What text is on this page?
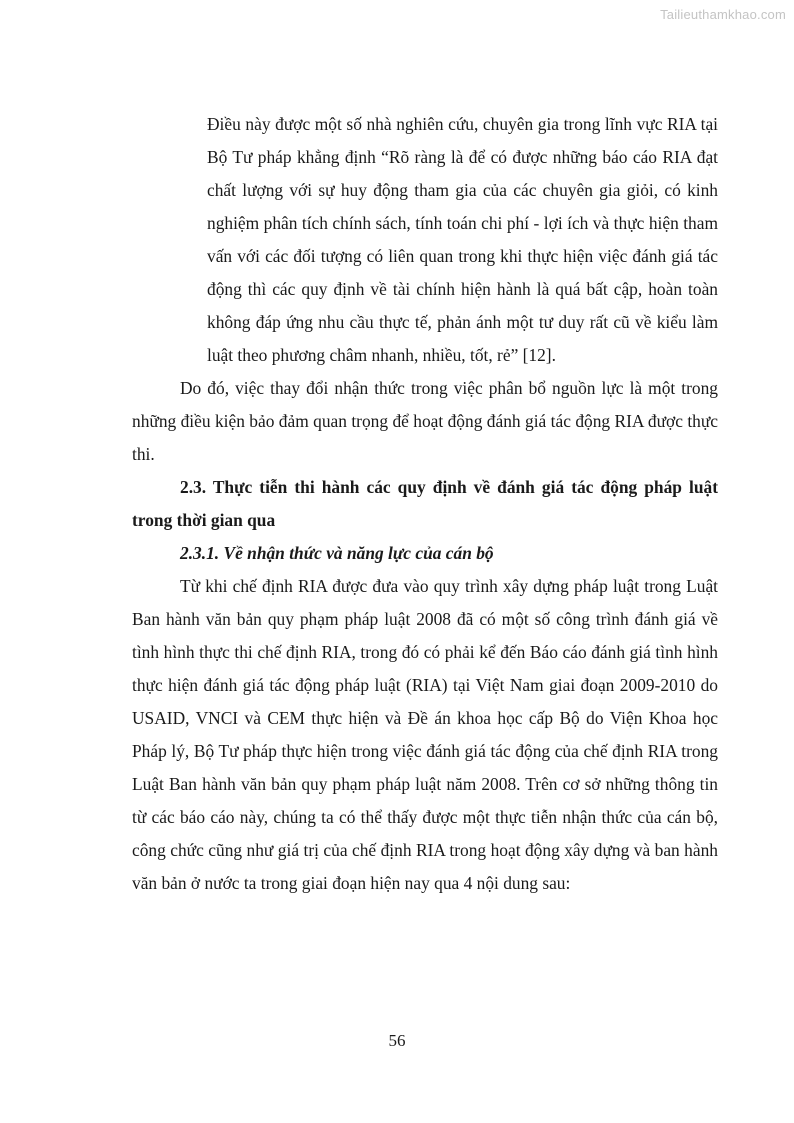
Tailieuthamkhao.com

Điều này được một số nhà nghiên cứu, chuyên gia trong lĩnh vực RIA tại Bộ Tư pháp khẳng định “Rõ ràng là để có được những báo cáo RIA đạt chất lượng với sự huy động tham gia của các chuyên gia giỏi, có kinh nghiệm phân tích chính sách, tính toán chi phí - lợi ích và thực hiện tham vấn với các đối tượng có liên quan trong khi thực hiện việc đánh giá tác động thì các quy định về tài chính hiện hành là quá bất cập, hoàn toàn không đáp ứng nhu cầu thực tế, phản ánh một tư duy rất cũ về kiểu làm luật theo phương châm nhanh, nhiều, tốt, rẻ” [12].

Do đó, việc thay đổi nhận thức trong việc phân bổ nguồn lực là một trong những điều kiện bảo đảm quan trọng để hoạt động đánh giá tác động RIA được thực thi.

2.3. Thực tiễn thi hành các quy định về đánh giá tác động pháp luật trong thời gian qua

2.3.1. Về nhận thức và năng lực của cán bộ

Từ khi chế định RIA được đưa vào quy trình xây dựng pháp luật trong Luật Ban hành văn bản quy phạm pháp luật 2008 đã có một số công trình đánh giá về tình hình thực thi chế định RIA, trong đó có phải kể đến Báo cáo đánh giá tình hình thực hiện đánh giá tác động pháp luật (RIA) tại Việt Nam giai đoạn 2009-2010 do USAID, VNCI và CEM thực hiện và Đề án khoa học cấp Bộ do Viện Khoa học Pháp lý, Bộ Tư pháp thực hiện trong việc đánh giá tác động của chế định RIA trong Luật Ban hành văn bản quy phạm pháp luật năm 2008. Trên cơ sở những thông tin từ các báo cáo này, chúng ta có thể thấy được một thực tiễn nhận thức của cán bộ, công chức cũng như giá trị của chế định RIA trong hoạt động xây dựng và ban hành văn bản ở nước ta trong giai đoạn hiện nay qua 4 nội dung sau:

56
